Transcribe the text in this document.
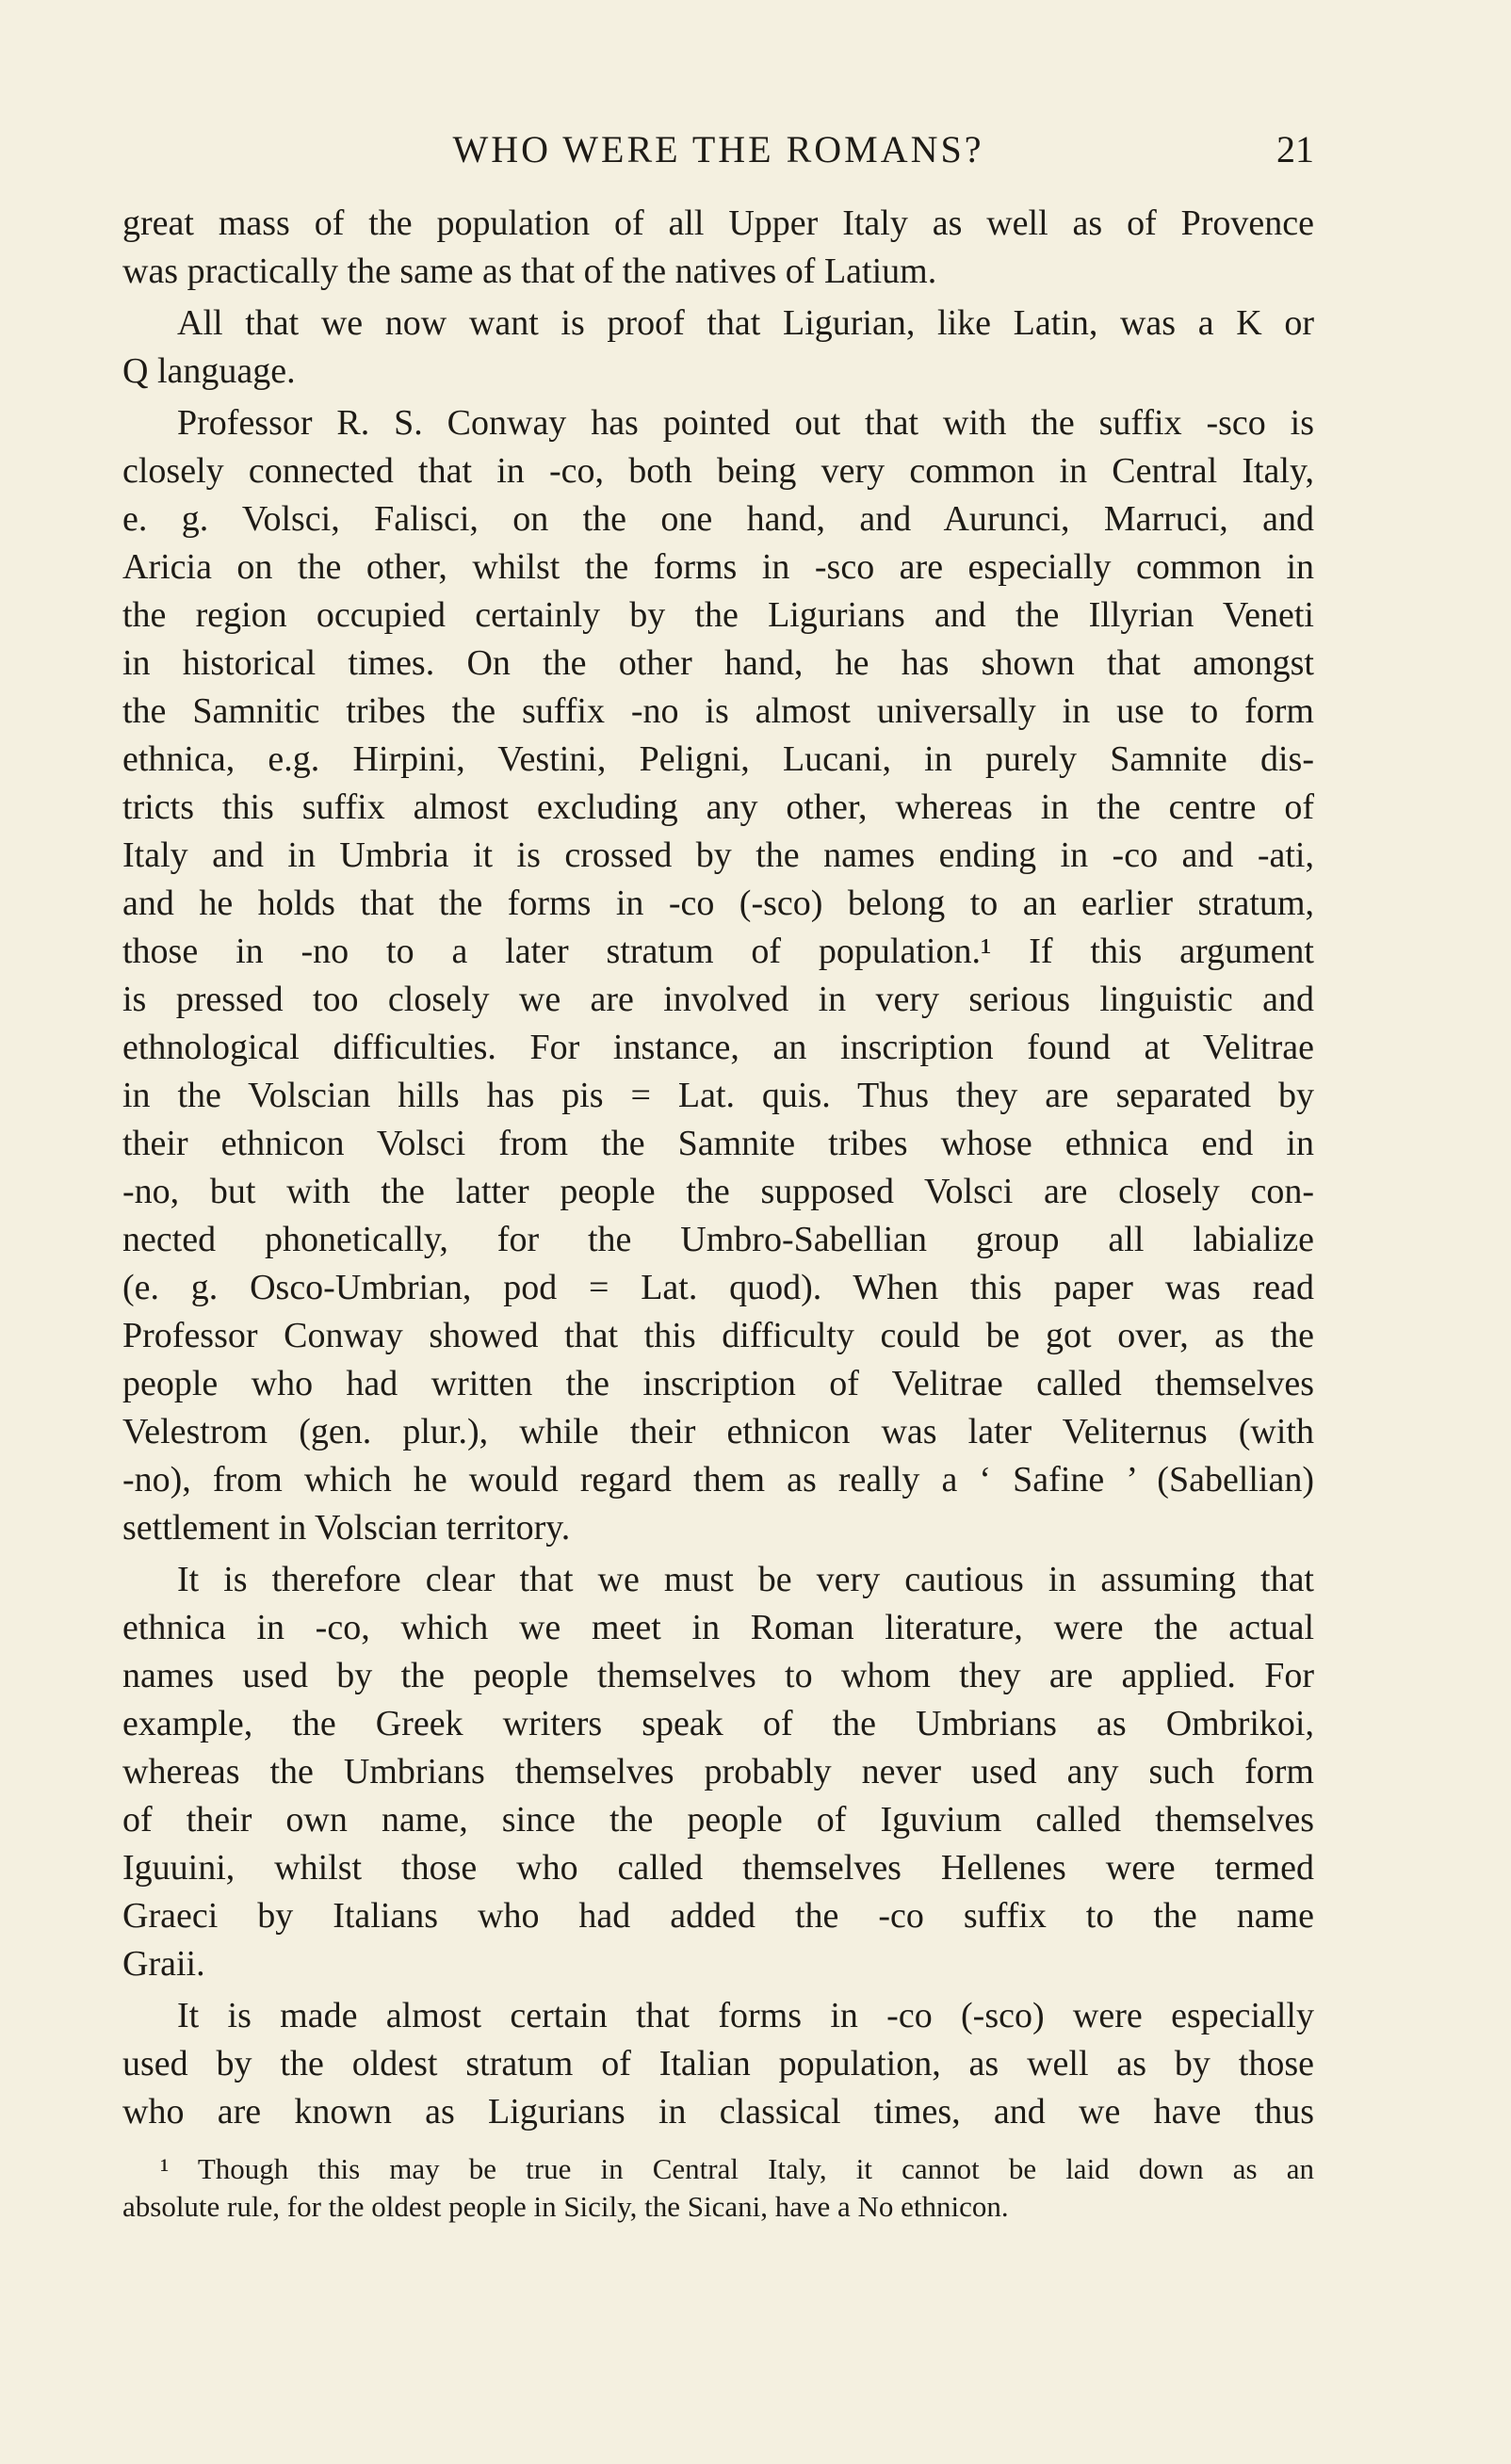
WHO WERE THE ROMANS?	21
great mass of the population of all Upper Italy as well as of Provence
was practically the same as that of the natives of Latium.
All that we now want is proof that Ligurian, like Latin, was a K or
Q language.
Professor R. S. Conway has pointed out that with the suffix -sco is
closely connected that in -co, both being very common in Central Italy,
e. g. Volsci, Falisci, on the one hand, and Aurunci, Marruci, and
Aricia on the other, whilst the forms in -sco are especially common in
the region occupied certainly by the Ligurians and the Illyrian Veneti
in historical times. On the other hand, he has shown that amongst
the Samnitic tribes the suffix -no is almost universally in use to form
ethnica, e.g. Hirpini, Vestini, Peligni, Lucani, in purely Samnite dis-
tricts this suffix almost excluding any other, whereas in the centre of
Italy and in Umbria it is crossed by the names ending in -co and -ati,
and he holds that the forms in -co (-sco) belong to an earlier stratum,
those in -no to a later stratum of population.¹ If this argument
is pressed too closely we are involved in very serious linguistic and
ethnological difficulties. For instance, an inscription found at Velitrae
in the Volscian hills has pis = Lat. quis. Thus they are separated by
their ethnicon Volsci from the Samnite tribes whose ethnica end in
-no, but with the latter people the supposed Volsci are closely con-
nected phonetically, for the Umbro-Sabellian group all labialize
(e. g. Osco-Umbrian, pod = Lat. quod). When this paper was read
Professor Conway showed that this difficulty could be got over, as the
people who had written the inscription of Velitrae called themselves
Velestrom (gen. plur.), while their ethnicon was later Veliternus (with
-no), from which he would regard them as really a ‘ Safine ’ (Sabellian)
settlement in Volscian territory.
It is therefore clear that we must be very cautious in assuming that
ethnica in -co, which we meet in Roman literature, were the actual
names used by the people themselves to whom they are applied. For
example, the Greek writers speak of the Umbrians as Ombrikoi,
whereas the Umbrians themselves probably never used any such form
of their own name, since the people of Iguvium called themselves
Iguuini, whilst those who called themselves Hellenes were termed
Graeci by Italians who had added the -co suffix to the name
Graii.
It is made almost certain that forms in -co (-sco) were especially
used by the oldest stratum of Italian population, as well as by those
who are known as Ligurians in classical times, and we have thus
¹ Though this may be true in Central Italy, it cannot be laid down as an
absolute rule, for the oldest people in Sicily, the Sicani, have a No ethnicon.
